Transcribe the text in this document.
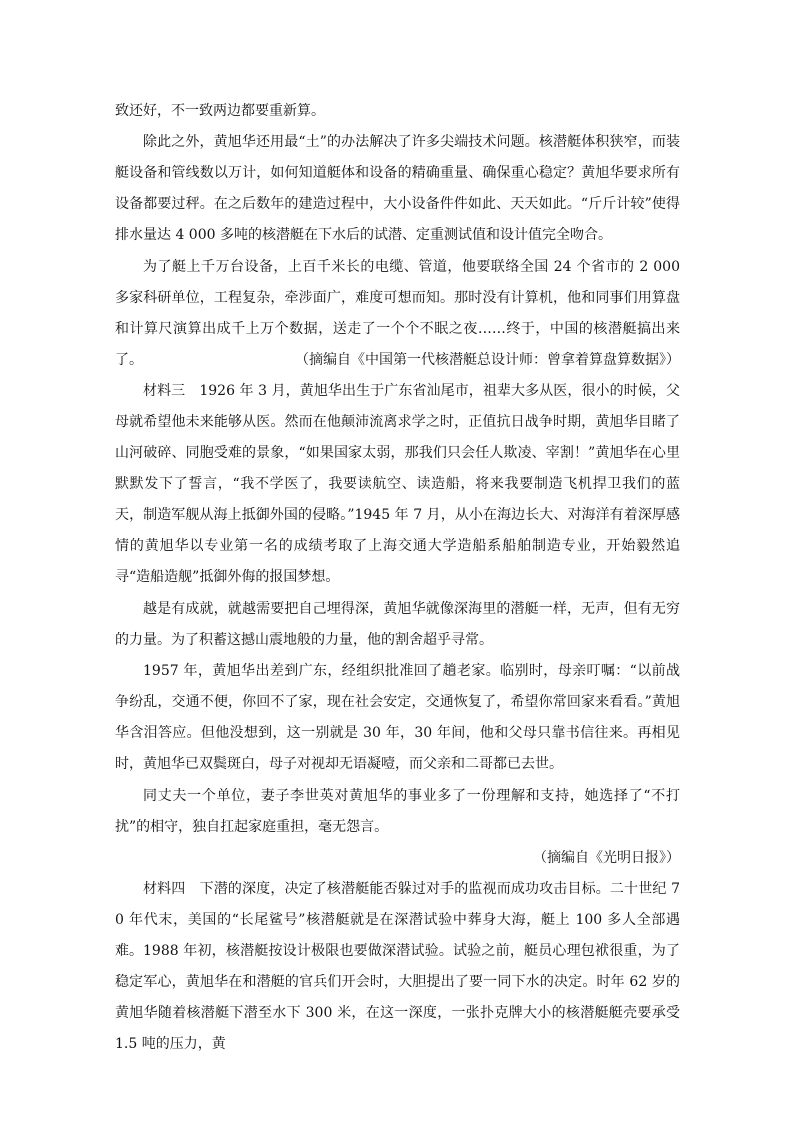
致还好，不一致两边都要重新算。

除此之外，黄旭华还用最“土”的办法解决了许多尖端技术问题。核潜艇体积狭窄，而装艇设备和管线数以万计，如何知道艇体和设备的精确重量、确保重心稳定？黄旭华要求所有设备都要过秤。在之后数年的建造过程中，大小设备件件如此、天天如此。“斤斤计较”使得排水量达 4 000 多吨的核潜艇在下水后的试潜、定重测试值和设计值完全吻合。

为了艇上千万台设备，上百千米长的电缆、管道，他要联络全国 24 个省市的 2 000 多家科研单位，工程复杂，牵涉面广，难度可想而知。那时没有计算机，他和同事们用算盘和计算尺演算出成千上万个数据，送走了一个个不眠之夜……终于，中国的核潜艇搞出来了。	（摘编自《中国第一代核潜艇总设计师：曾拿着算盘算数据》）

材料三　1926 年 3 月，黄旭华出生于广东省汕尾市，祖辈大多从医，很小的时候，父母就希望他未来能够从医。然而在他颠沛流离求学之时，正值抗日战争时期，黄旭华目睹了山河破碎、同胞受难的景象，“如果国家太弱，那我们只会任人欺凌、宰割！”黄旭华在心里默默发下了誓言，“我不学医了，我要读航空、读造船，将来我要制造飞机捍卫我们的蓝天，制造军舰从海上抵御外国的侵略。”1945 年 7 月，从小在海边长大、对海洋有着深厚感情的黄旭华以专业第一名的成绩考取了上海交通大学造船系船舶制造专业，开始毅然追寻“造船造舰”抵御外侮的报国梦想。

越是有成就，就越需要把自己埋得深，黄旭华就像深海里的潜艇一样，无声，但有无穷的力量。为了积蓄这撼山震地般的力量，他的割舍超乎寻常。

1957 年，黄旭华出差到广东，经组织批准回了趟老家。临别时，母亲叮嘱：“以前战争纷乱，交通不便，你回不了家，现在社会安定，交通恢复了，希望你常回家来看看。”黄旭华含泪答应。但他没想到，这一别就是 30 年，30 年间，他和父母只靠书信往来。再相见时，黄旭华已双鬓斑白，母子对视却无语凝噎，而父亲和二哥都已去世。

同丈夫一个单位，妻子李世英对黄旭华的事业多了一份理解和支持，她选择了“不打扰”的相守，独自扛起家庭重担，毫无怨言。

（摘编自《光明日报》）

材料四　下潜的深度，决定了核潜艇能否躲过对手的监视而成功攻击目标。二十世纪 70 年代末，美国的“长尾鲨号”核潜艇就是在深潜试验中葬身大海，艇上 100 多人全部遇难。 1988 年初，核潜艇按设计极限也要做深潜试验。试验之前，艇员心理包袱很重，为了稳定军心，黄旭华在和潜艇的官兵们开会时，大胆提出了要一同下水的决定。时年 62 岁的黄旭华随着核潜艇下潜至水下 300 米，在这一深度，一张扑克牌大小的核潜艇艇壳要承受 1.5 吨的压力，黄
